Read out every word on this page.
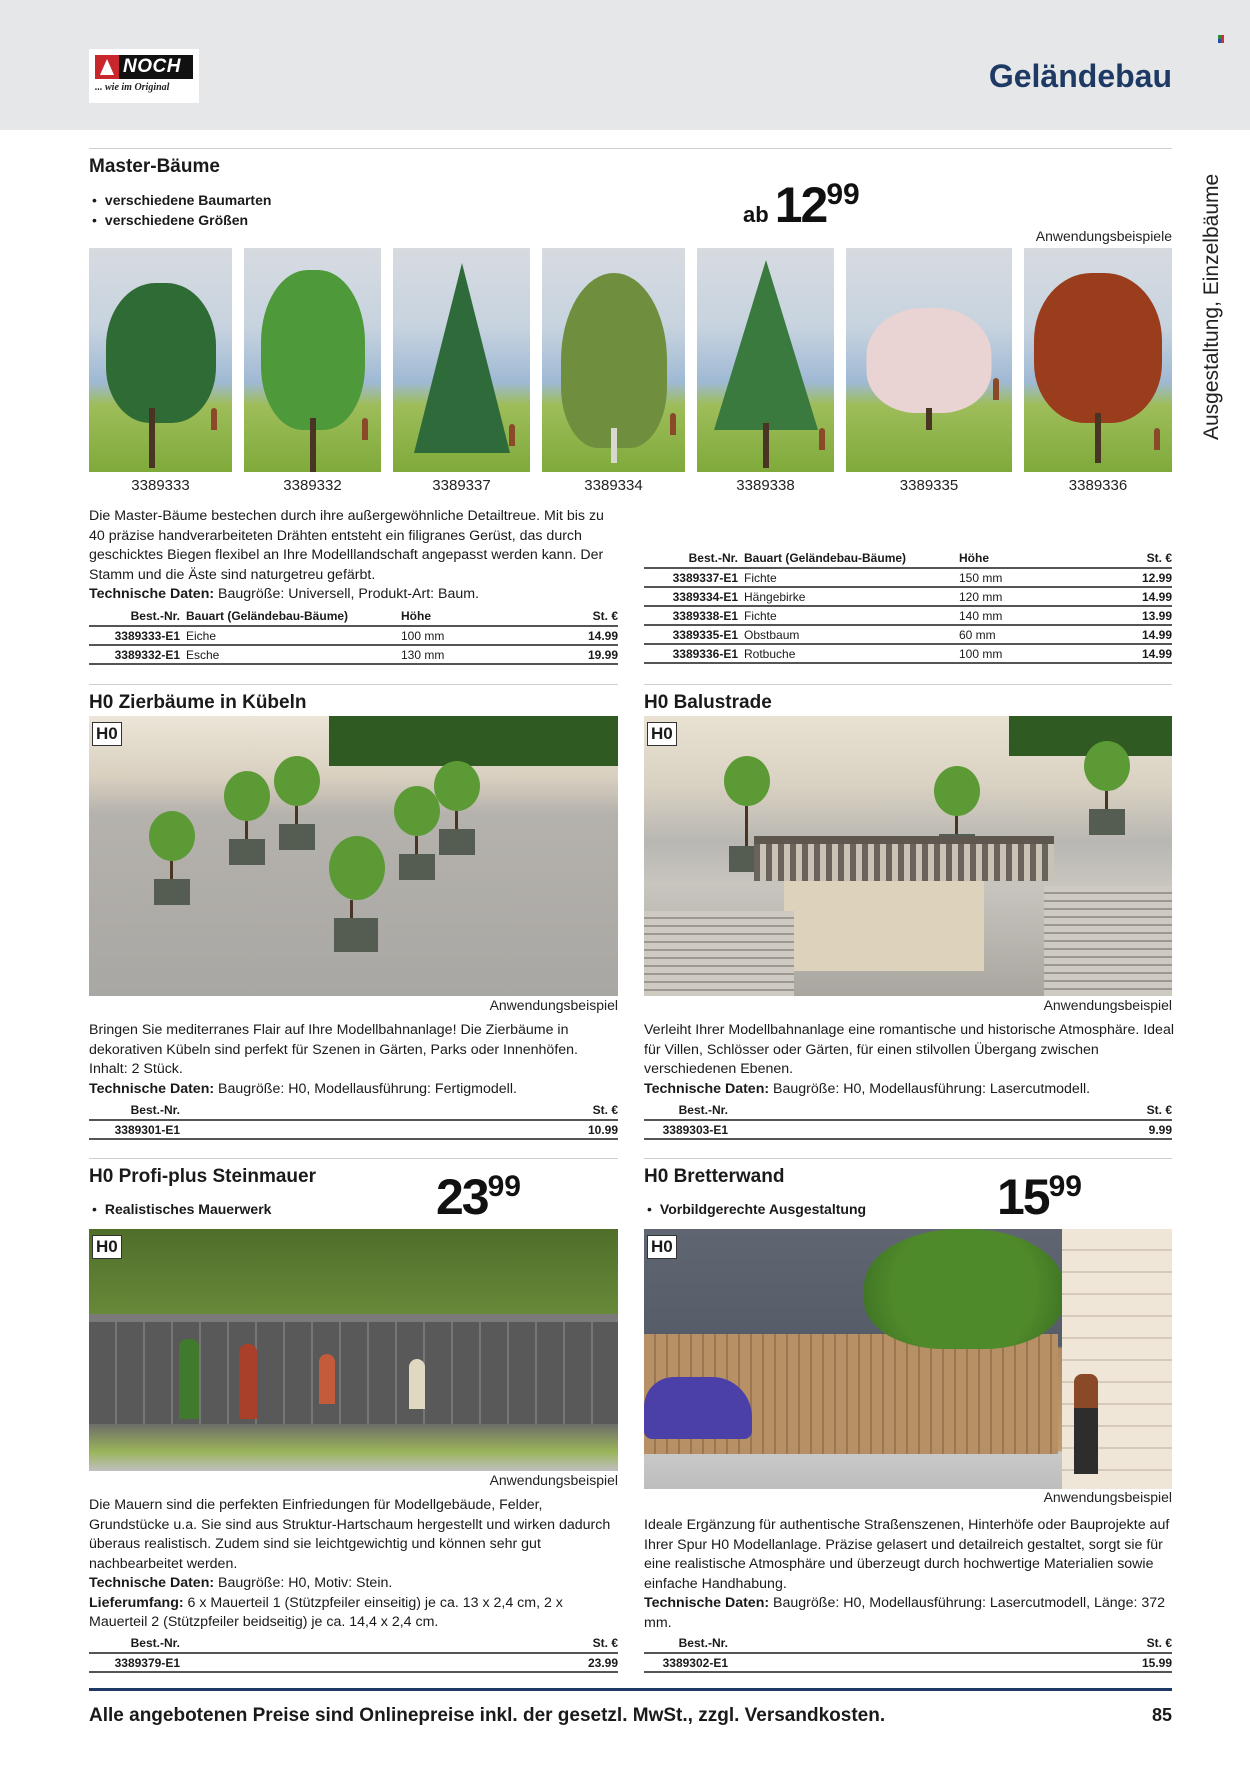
NOCH
... wie im Original	Geländebau
Ausgestaltung, Einzelbäume
Master-Bäume
• verschiedene Baumarten
• verschiedene Größen	ab 1299
Anwendungsbeispiele
3389333	3389332	3389337	3389334	3389338	3389335	3389336
Die Master-Bäume bestechen durch ihre außergewöhnliche Detailtreue. Mit bis zu 40 präzise handverarbeiteten Drähten entsteht ein filigranes Gerüst, das durch geschicktes Biegen flexibel an Ihre Modelllandschaft angepasst werden kann. Der Stamm und die Äste sind naturgetreu gefärbt.
Technische Daten: Baugröße: Universell, Produkt-Art: Baum.
Best.-Nr.	Bauart (Geländebau-Bäume)	Höhe	St. €
3389333-E1	Eiche	100 mm	14.99
3389332-E1	Esche	130 mm	19.99
Best.-Nr.	Bauart (Geländebau-Bäume)	Höhe	St. €
3389337-E1	Fichte	150 mm	12.99
3389334-E1	Hängebirke	120 mm	14.99
3389338-E1	Fichte	140 mm	13.99
3389335-E1	Obstbaum	60 mm	14.99
3389336-E1	Rotbuche	100 mm	14.99
H0 Zierbäume in Kübeln
H0
Anwendungsbeispiel
Bringen Sie mediterranes Flair auf Ihre Modellbahnanlage! Die Zierbäume in dekorativen Kübeln sind perfekt für Szenen in Gärten, Parks oder Innenhöfen. Inhalt: 2 Stück.
Technische Daten: Baugröße: H0, Modellausführung: Fertigmodell.
Best.-Nr.	St. €
3389301-E1	10.99
H0 Balustrade
H0
Anwendungsbeispiel
Verleiht Ihrer Modellbahnanlage eine romantische und historische Atmosphäre. Ideal für Villen, Schlösser oder Gärten, für einen stilvollen Übergang zwischen verschiedenen Ebenen.
Technische Daten: Baugröße: H0, Modellausführung: Lasercutmodell.
Best.-Nr.	St. €
3389303-E1	9.99
H0 Profi-plus Steinmauer
• Realistisches Mauerwerk	2399
H0
Anwendungsbeispiel
Die Mauern sind die perfekten Einfriedungen für Modellgebäude, Felder, Grundstücke u.a. Sie sind aus Struktur-Hartschaum hergestellt und wirken dadurch überaus realistisch. Zudem sind sie leichtgewichtig und können sehr gut nachbearbeitet werden.
Technische Daten: Baugröße: H0, Motiv: Stein.
Lieferumfang: 6 x Mauerteil 1 (Stützpfeiler einseitig) je ca. 13 x 2,4 cm, 2 x Mauerteil 2 (Stützpfeiler beidseitig) je ca. 14,4 x 2,4 cm.
Best.-Nr.	St. €
3389379-E1	23.99
H0 Bretterwand
• Vorbildgerechte Ausgestaltung	1599
H0
Anwendungsbeispiel
Ideale Ergänzung für authentische Straßenszenen, Hinterhöfe oder Bauprojekte auf Ihrer Spur H0 Modellanlage. Präzise gelasert und detailreich gestaltet, sorgt sie für eine realistische Atmosphäre und überzeugt durch hochwertige Materialien sowie einfache Handhabung.
Technische Daten: Baugröße: H0, Modellausführung: Lasercutmodell, Länge: 372 mm.
Best.-Nr.	St. €
3389302-E1	15.99
Alle angebotenen Preise sind Onlinepreise inkl. der gesetzl. MwSt., zzgl. Versandkosten.	85
